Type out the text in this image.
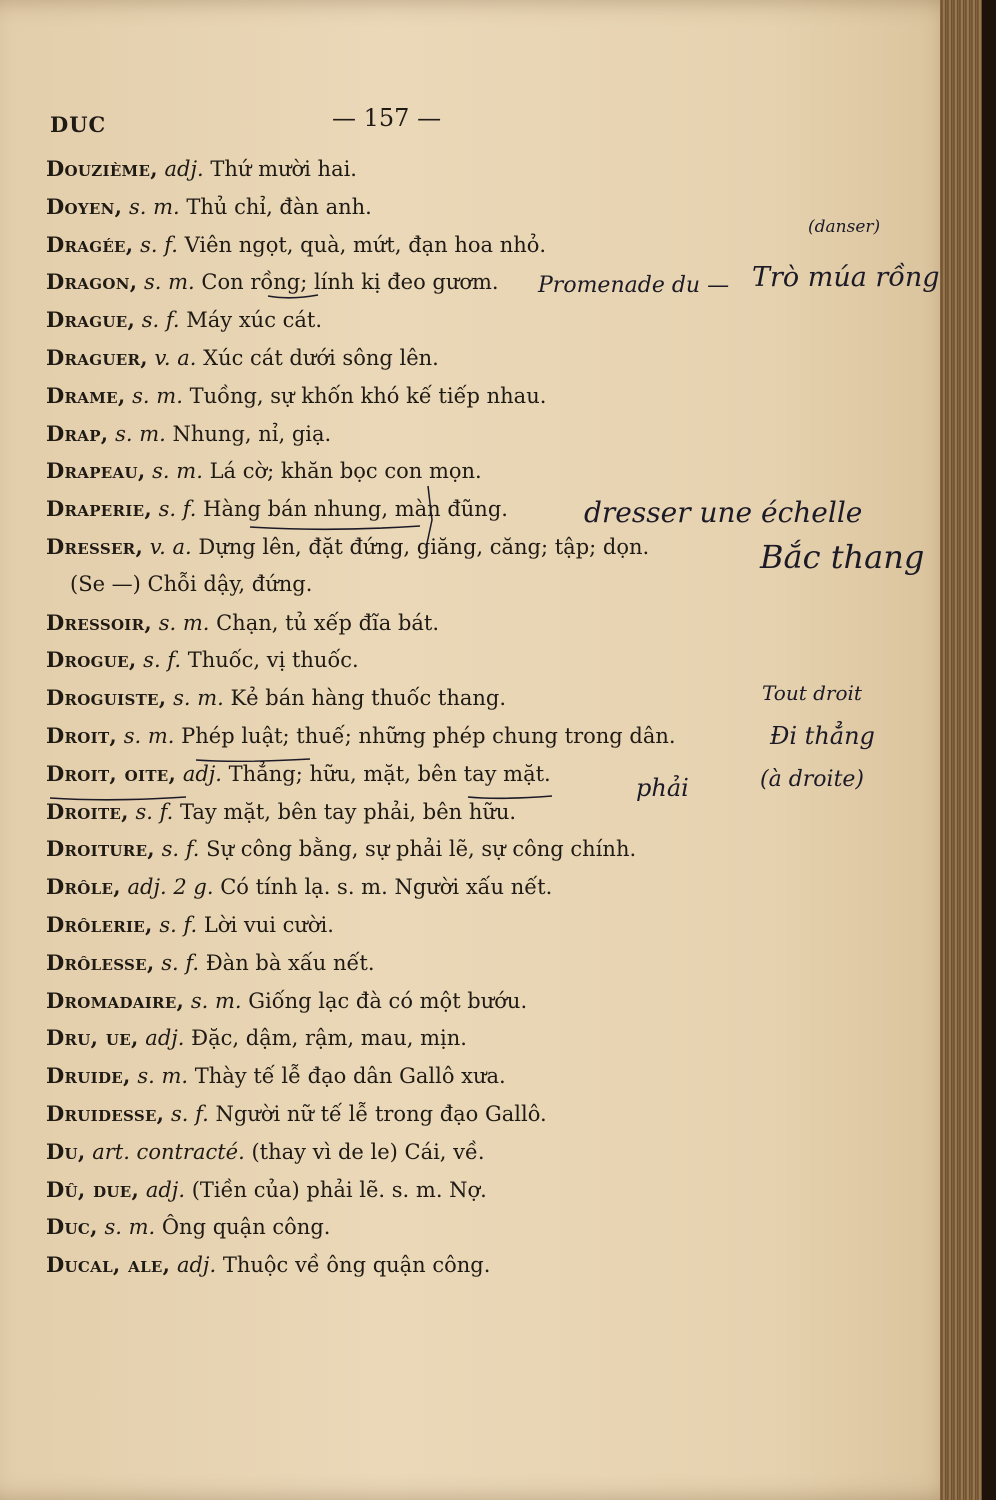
DUC	— 157 —
Douzième, adj. Thứ mười hai.
Doyen, s. m. Thủ chỉ, đàn anh.
Dragée, s. f. Viên ngọt, quà, mứt, đạn hoa nhỏ.
Dragon, s. m. Con rồng; lính kị đeo gươm.
Drague, s. f. Máy xúc cát.
Draguer, v. a. Xúc cát dưới sông lên.
Drame, s. m. Tuồng, sự khốn khó kế tiếp nhau.
Drap, s. m. Nhung, nỉ, giạ.
Drapeau, s. m. Lá cờ; khăn bọc con mọn.
Draperie, s. f. Hàng bán nhung, màn đũng.
Dresser, v. a. Dựng lên, đặt đứng, giăng, căng; tập; dọn.
(Se —) Chỗi dậy, đứng.
Dressoir, s. m. Chạn, tủ xếp đĩa bát.
Drogue, s. f. Thuốc, vị thuốc.
Droguiste, s. m. Kẻ bán hàng thuốc thang.
Droit, s. m. Phép luật; thuế; những phép chung trong dân.
Droit, oite, adj. Thẳng; hữu, mặt, bên tay mặt.
Droite, s. f. Tay mặt, bên tay phải, bên hữu.
Droiture, s. f. Sự công bằng, sự phải lẽ, sự công chính.
Drôle, adj. 2 g. Có tính lạ. s. m. Người xấu nết.
Drôlerie, s. f. Lời vui cười.
Drôlesse, s. f. Đàn bà xấu nết.
Dromadaire, s. m. Giống lạc đà có một bướu.
Dru, ue, adj. Đặc, dậm, rậm, mau, mịn.
Druide, s. m. Thày tế lễ đạo dân Gallô xưa.
Druidesse, s. f. Người nữ tế lễ trong đạo Gallô.
Du, art. contracté. (thay vì de le) Cái, về.
Dû, due, adj. (Tiền của) phải lẽ. s. m. Nợ.
Duc, s. m. Ông quận công.
Ducal, ale, adj. Thuộc về ông quận công.
(danser)
Promenade du — Trò múa rồng
dresser une échelle
Bắc thang
Tout droit
Đi thẳng
phải	(à droite)
